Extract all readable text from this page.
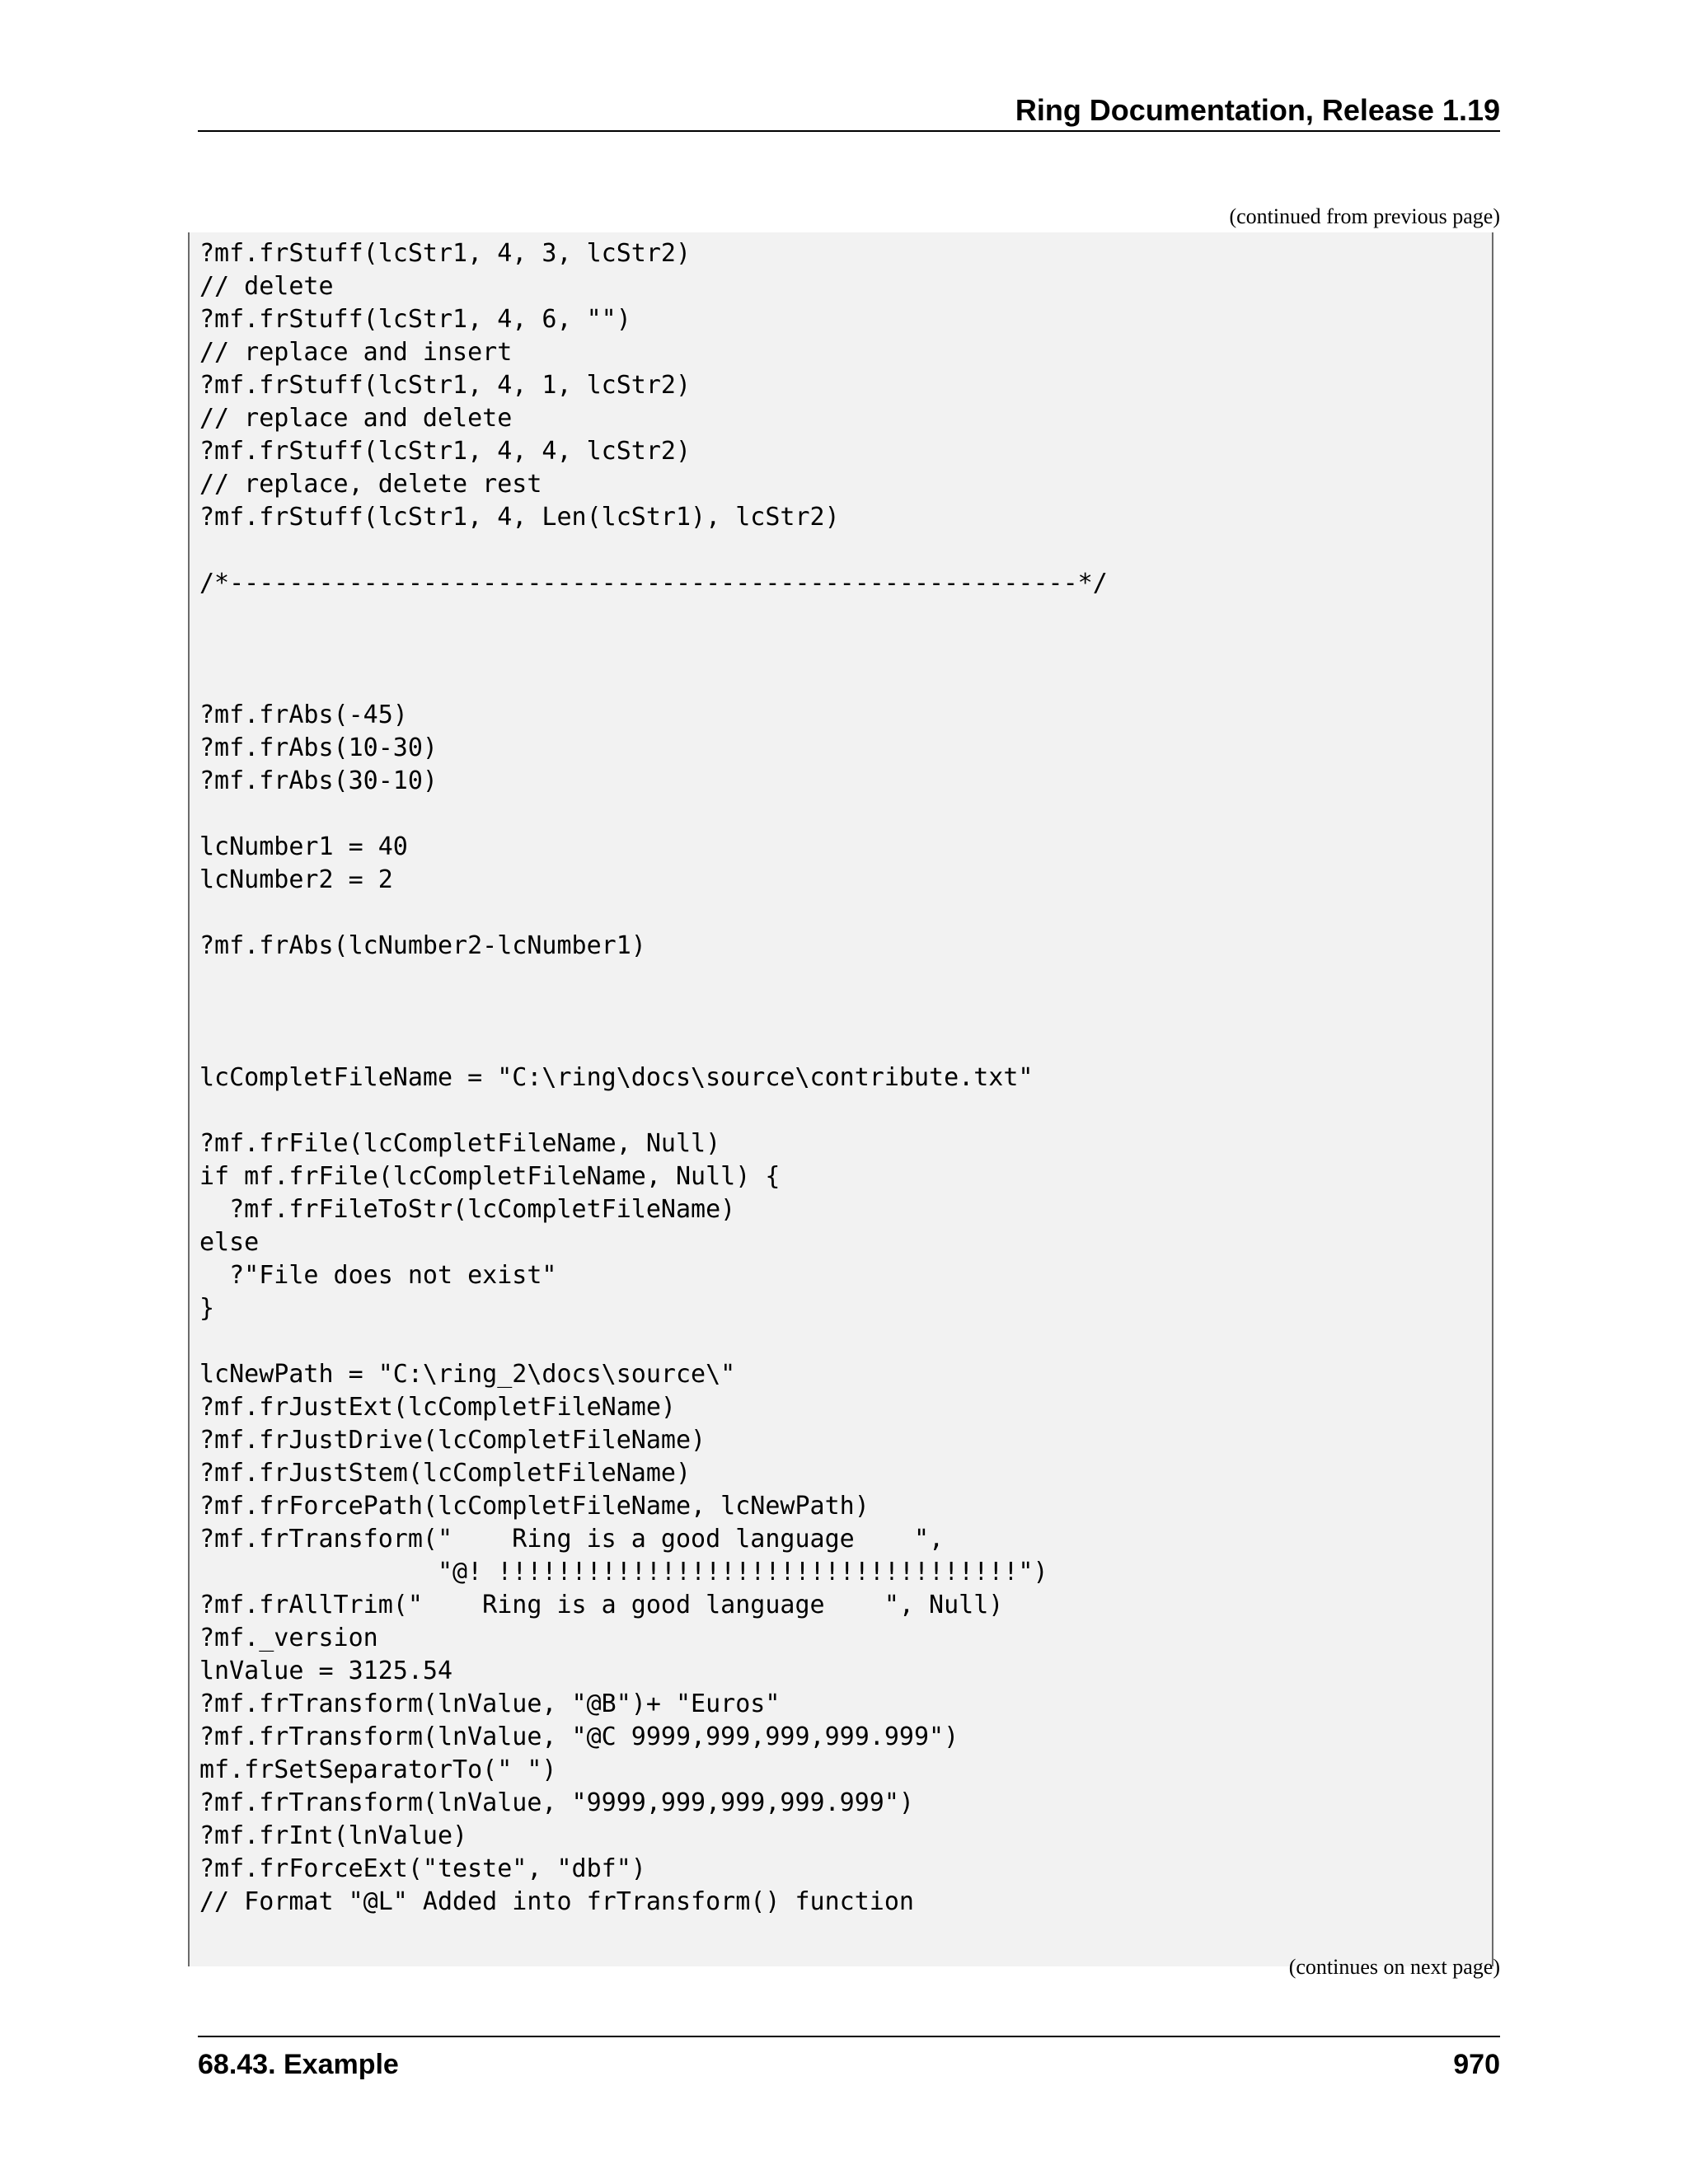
Ring Documentation, Release 1.19
(continued from previous page)
?mf.frStuff(lcStr1, 4, 3, lcStr2)
// delete
?mf.frStuff(lcStr1, 4, 6, "")
// replace and insert
?mf.frStuff(lcStr1, 4, 1, lcStr2)
// replace and delete
?mf.frStuff(lcStr1, 4, 4, lcStr2)
// replace, delete rest
?mf.frStuff(lcStr1, 4, Len(lcStr1), lcStr2)
/*---------------------------------------------------------*/
?mf.frAbs(-45)
?mf.frAbs(10-30)
?mf.frAbs(30-10)
lcNumber1 = 40
lcNumber2 = 2
?mf.frAbs(lcNumber2-lcNumber1)
lcCompletFileName = "C:\ring\docs\source\contribute.txt"
?mf.frFile(lcCompletFileName, Null)
if mf.frFile(lcCompletFileName, Null) {
?mf.frFileToStr(lcCompletFileName)
else
?"File does not exist"
}
lcNewPath = "C:\ring_2\docs\source\"
?mf.frJustExt(lcCompletFileName)
?mf.frJustDrive(lcCompletFileName)
?mf.frJustStem(lcCompletFileName)
?mf.frForcePath(lcCompletFileName, lcNewPath)
?mf.frTransform("    Ring is a good language    ",
"@! !!!!!!!!!!!!!!!!!!!!!!!!!!!!!!!!!!!")
?mf.frAllTrim("    Ring is a good language    ", Null)
?mf._version
lnValue = 3125.54
?mf.frTransform(lnValue, "@B")+ "Euros"
?mf.frTransform(lnValue, "@C 9999,999,999,999.999")
mf.frSetSeparatorTo(" ")
?mf.frTransform(lnValue, "9999,999,999,999.999")
?mf.frInt(lnValue)
?mf.frForceExt("teste", "dbf")
// Format "@L" Added into frTransform() function
(continues on next page)
68.43. Example	970
